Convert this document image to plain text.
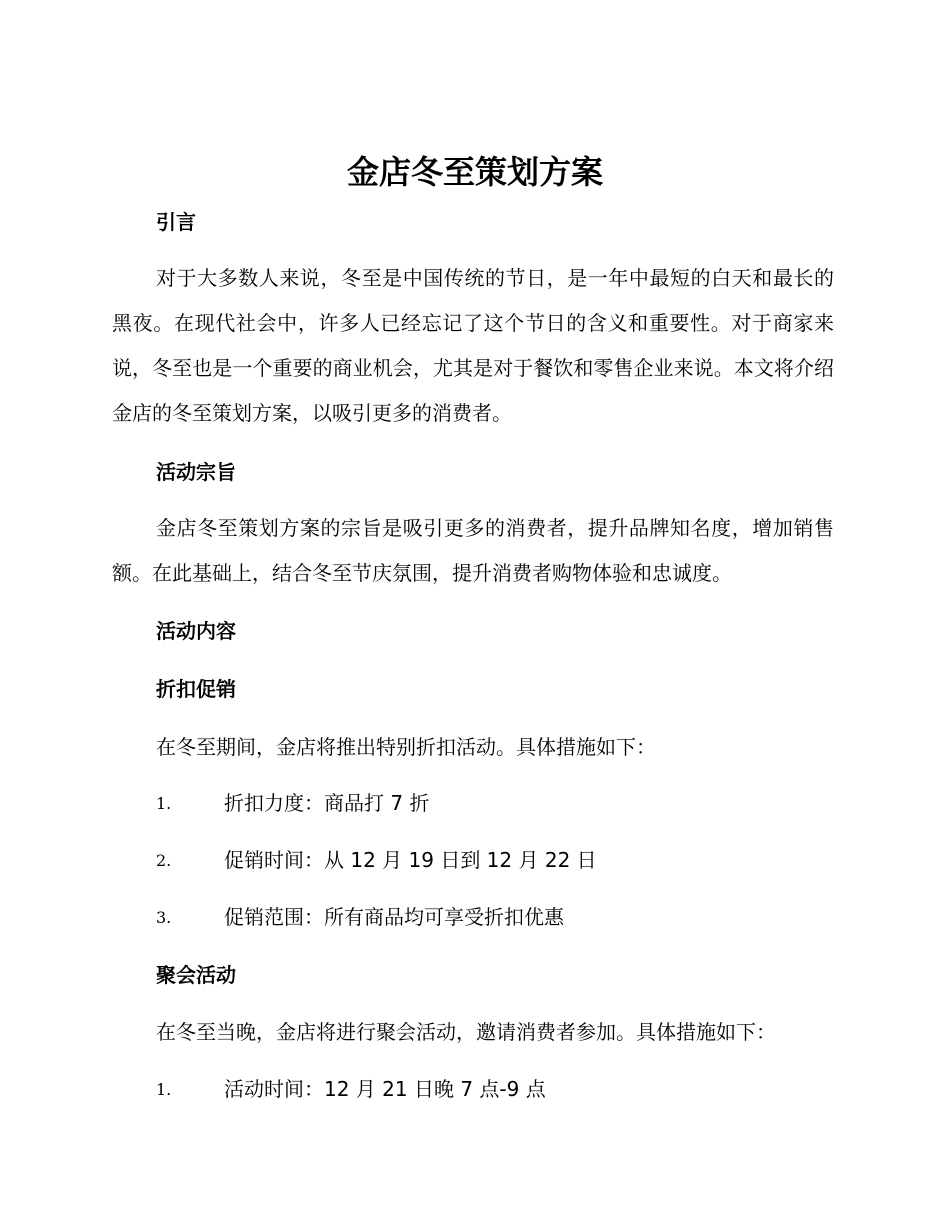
金店冬至策划方案
引言
对于大多数人来说，冬至是中国传统的节日，是一年中最短的白天和最长的黑夜。在现代社会中，许多人已经忘记了这个节日的含义和重要性。对于商家来说，冬至也是一个重要的商业机会，尤其是对于餐饮和零售企业来说。本文将介绍金店的冬至策划方案，以吸引更多的消费者。
活动宗旨
金店冬至策划方案的宗旨是吸引更多的消费者，提升品牌知名度，增加销售额。在此基础上，结合冬至节庆氛围，提升消费者购物体验和忠诚度。
活动内容
折扣促销
在冬至期间，金店将推出特别折扣活动。具体措施如下：
1.	折扣力度：商品打 7 折
2.	促销时间：从 12 月 19 日到 12 月 22 日
3.	促销范围：所有商品均可享受折扣优惠
聚会活动
在冬至当晚，金店将进行聚会活动，邀请消费者参加。具体措施如下：
1.	活动时间：12 月 21 日晚 7 点-9 点
